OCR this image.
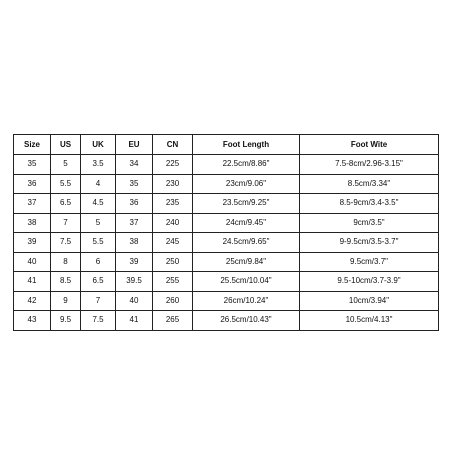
Size	US	UK	EU	CN	Foot Length	Foot Wite
35	5	3.5	34	225	22.5cm/8.86"	7.5-8cm/2.96-3.15"
36	5.5	4	35	230	23cm/9.06"	8.5cm/3.34"
37	6.5	4.5	36	235	23.5cm/9.25"	8.5-9cm/3.4-3.5"
38	7	5	37	240	24cm/9.45"	9cm/3.5"
39	7.5	5.5	38	245	24.5cm/9.65"	9-9.5cm/3.5-3.7"
40	8	6	39	250	25cm/9.84"	9.5cm/3.7"
41	8.5	6.5	39.5	255	25.5cm/10.04"	9.5-10cm/3.7-3.9"
42	9	7	40	260	26cm/10.24"	10cm/3.94"
43	9.5	7.5	41	265	26.5cm/10.43"	10.5cm/4.13"
